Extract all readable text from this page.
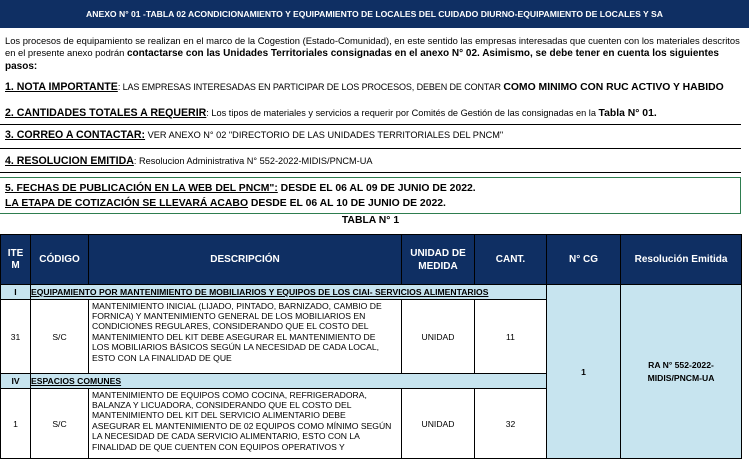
ANEXO N° 01 -TABLA 02 ACONDICIONAMIENTO Y EQUIPAMIENTO DE LOCALES DEL CUIDADO DIURNO-EQUIPAMIENTO DE LOCALES Y SA
Los procesos de equipamiento se realizan en el marco de la Cogestion (Estado-Comunidad), en este sentido las empresas interesadas que cuenten con los materiales descritos en el presente anexo podrán contactarse con las Unidades Territoriales consignadas en el anexo N° 02. Asimismo, se debe tener en cuenta los siguientes pasos:
1. NOTA IMPORTANTE: LAS EMPRESAS INTERESADAS EN PARTICIPAR DE LOS PROCESOS, DEBEN DE CONTAR COMO MÍNIMO CON RUC ACTIVO Y HABIDO
2. CANTIDADES TOTALES A REQUERIR: Los tipos de materiales y servicios a requerir por Comités de Gestión de las consignadas en la Tabla N° 01.
3. CORREO A CONTACTAR: VER ANEXO N° 02 "DIRECTORIO DE LAS UNIDADES TERRITORIALES DEL PNCM"
4. RESOLUCIÓN EMITIDA: Resolucion Administrativa N° 552-2022-MIDIS/PNCM-UA
5. FECHAS DE PUBLICACIÓN EN LA WEB DEL PNCM": DESDE EL 06 AL 09 DE JUNIO DE 2022.
LA ETAPA DE COTIZACIÓN SE LLEVARÁ ACABO DESDE EL 06 AL 10 DE JUNIO DE 2022.
TABLA N° 1
ITEM	CÓDIGO	DESCRIPCIÓN	UNIDAD DE MEDIDA	CANT.	N° CG	Resolución Emitida
I	EQUIPAMIENTO POR MANTENIMIENTO DE MOBILIARIOS Y EQUIPOS DE LOS CIAI- SERVICIOS ALIMENTARIOS				1	RA N° 552-2022-MIDIS/PNCM-UA
31	S/C	MANTENIMIENTO INICIAL (LIJADO, PINTADO, BARNIZADO, CAMBIO DE FORNICA) Y MANTENIMIENTO GENERAL DE LOS MOBILIARIOS EN CONDICIONES REGULARES, CONSIDERANDO QUE EL COSTO DEL MANTENIMIENTO DEL KIT DEBE ASEGURAR EL MANTENIMIENTO DE LOS MOBILIARIOS BÁSICOS SEGÚN LA NECESIDAD DE CADA LOCAL, ESTO CON LA FINALIDAD DE QUE	UNIDAD	11		
IV	ESPACIOS COMUNES					
1	S/C	MANTENIMIENTO DE EQUIPOS COMO COCINA, REFRIGERADORA, BALANZA Y LICUADORA, CONSIDERANDO QUE EL COSTO DEL MANTENIMIENTO DEL KIT DEL SERVICIO ALIMENTARIO DEBE ASEGURAR EL MANTENIMIENTO DE 02 EQUIPOS COMO MÍNIMO SEGÚN LA NECESIDAD DE CADA SERVICIO ALIMENTARIO, ESTO CON LA FINALIDAD DE QUE CUENTEN CON EQUIPOS OPERATIVOS Y	UNIDAD	32		
